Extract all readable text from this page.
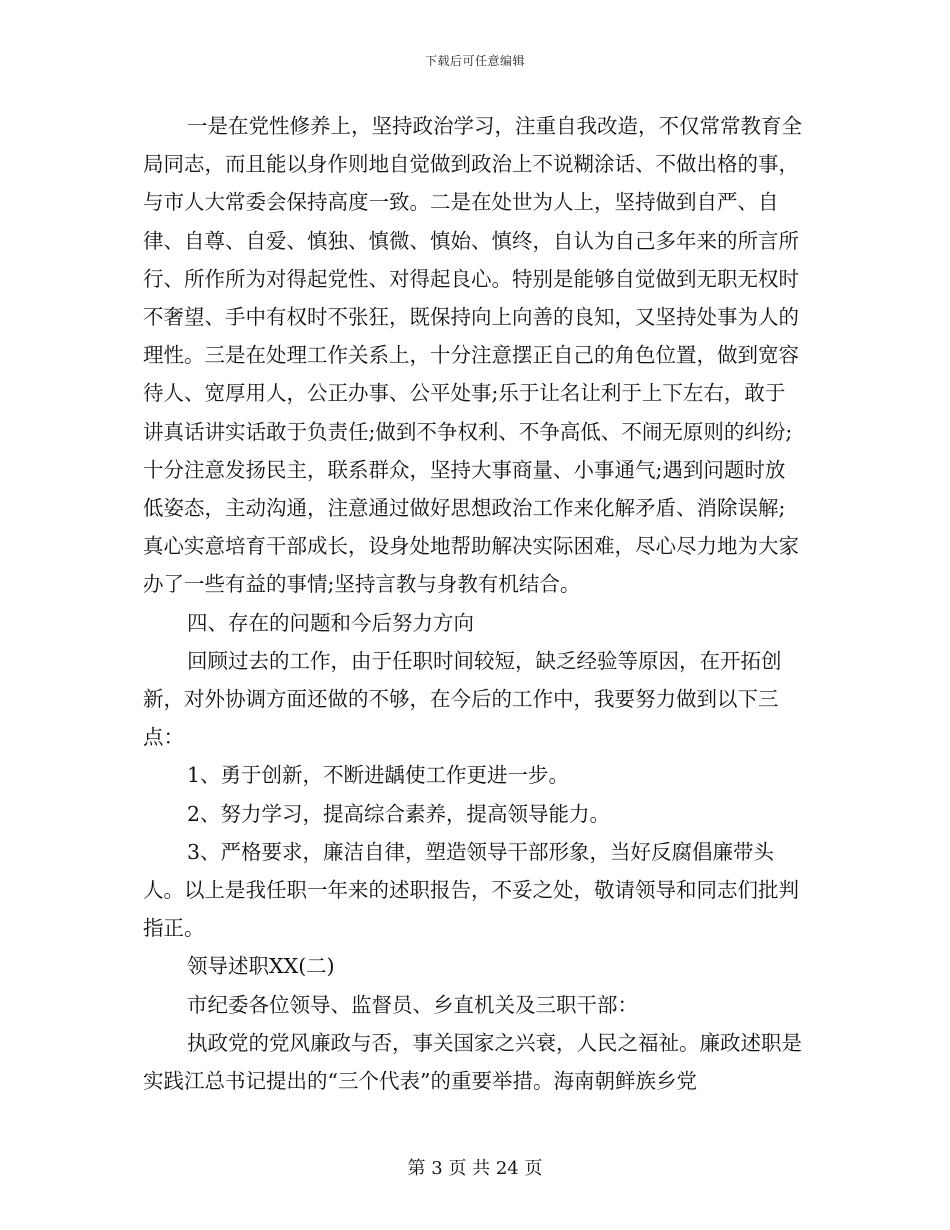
下载后可任意编辑

一是在党性修养上，坚持政治学习，注重自我改造，不仅常常教育全局同志，而且能以身作则地自觉做到政治上不说糊涂话、不做出格的事，与市人大常委会保持高度一致。二是在处世为人上，坚持做到自严、自律、自尊、自爱、慎独、慎微、慎始、慎终，自认为自己多年来的所言所行、所作所为对得起党性、对得起良心。特别是能够自觉做到无职无权时不奢望、手中有权时不张狂，既保持向上向善的良知，又坚持处事为人的理性。三是在处理工作关系上，十分注意摆正自己的角色位置，做到宽容待人、宽厚用人，公正办事、公平处事;乐于让名让利于上下左右，敢于讲真话讲实话敢于负责任;做到不争权利、不争高低、不闹无原则的纠纷;十分注意发扬民主，联系群众，坚持大事商量、小事通气;遇到问题时放低姿态，主动沟通，注意通过做好思想政治工作来化解矛盾、消除误解;真心实意培育干部成长，设身处地帮助解决实际困难，尽心尽力地为大家办了一些有益的事情;坚持言教与身教有机结合。

四、存在的问题和今后努力方向

回顾过去的工作，由于任职时间较短，缺乏经验等原因，在开拓创新，对外协调方面还做的不够，在今后的工作中，我要努力做到以下三点：

1、勇于创新，不断进龋使工作更进一步。

2、努力学习，提高综合素养，提高领导能力。

3、严格要求，廉洁自律，塑造领导干部形象，当好反腐倡廉带头人。以上是我任职一年来的述职报告，不妥之处，敬请领导和同志们批判指正。

领导述职XX(二)

市纪委各位领导、监督员、乡直机关及三职干部：

执政党的党风廉政与否，事关国家之兴衰，人民之福祉。廉政述职是实践江总书记提出的“三个代表”的重要举措。海南朝鲜族乡党

第 3 页 共 24 页
